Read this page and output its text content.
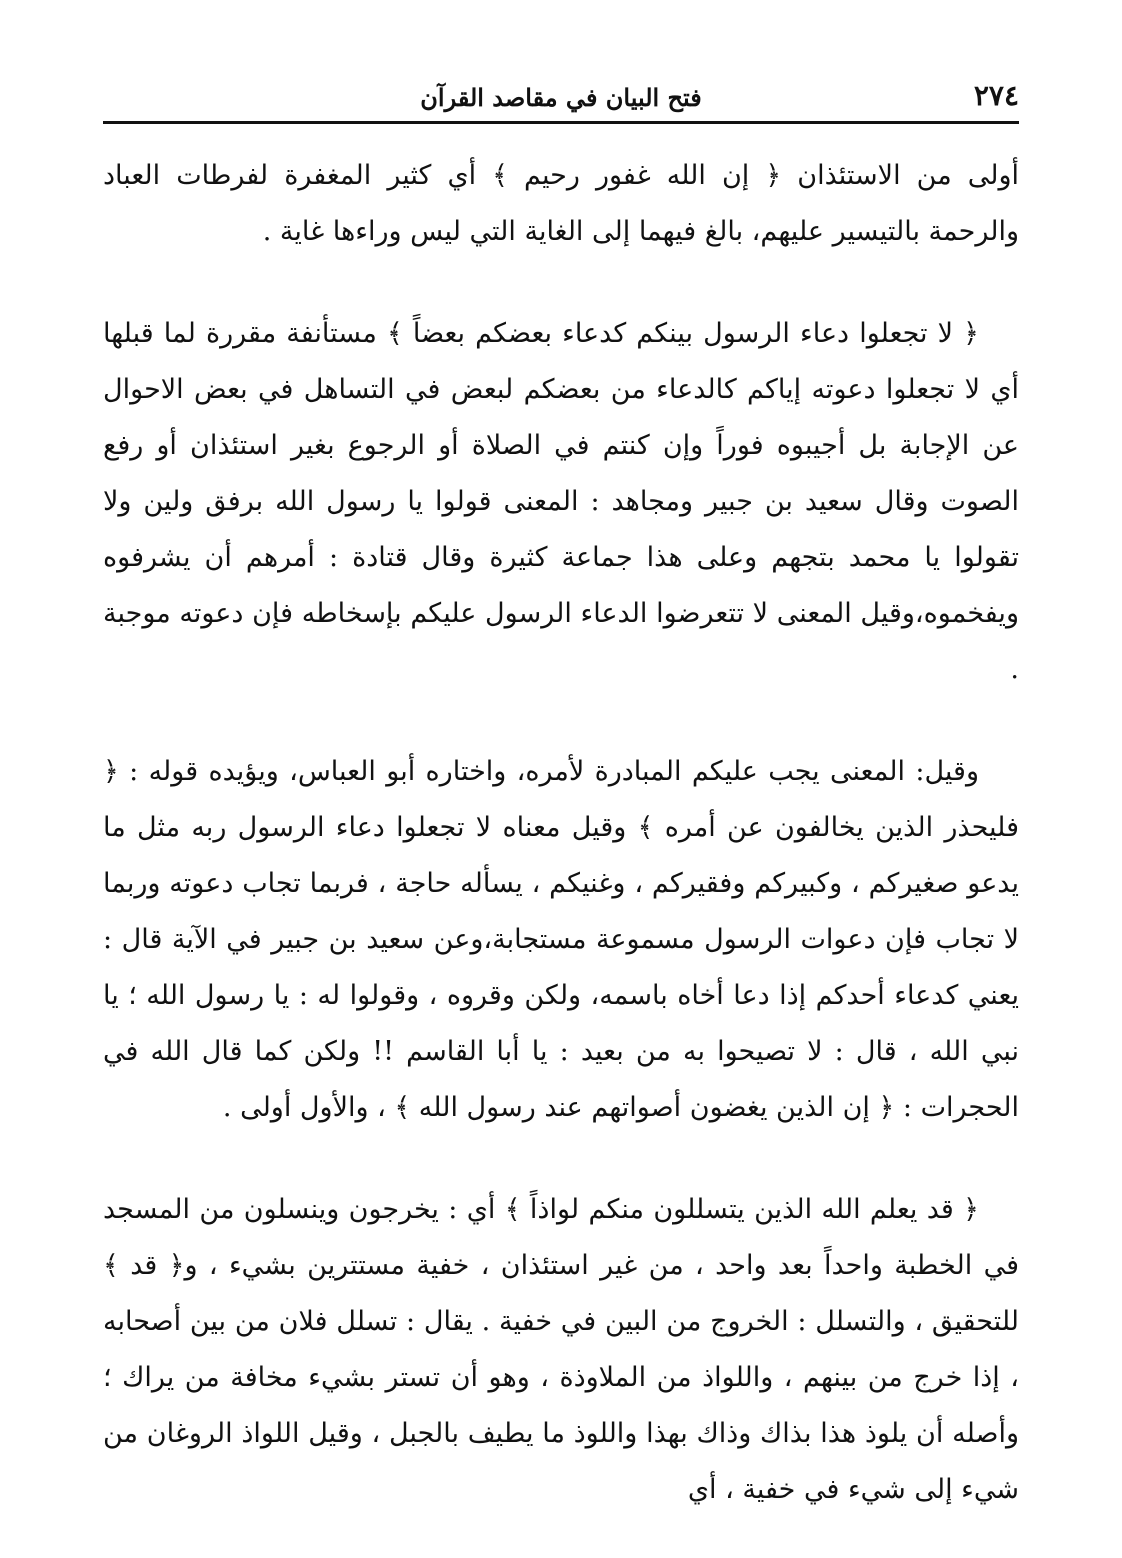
٢٧٤
فتح البيان في مقاصد القرآن

أولى من الاستئذان ﴿ إن الله غفور رحيم ﴾ أي كثير المغفرة لفرطات العباد والرحمة بالتيسير عليهم، بالغ فيهما إلى الغاية التي ليس وراءها غاية .

﴿ لا تجعلوا دعاء الرسول بينكم كدعاء بعضكم بعضاً ﴾ مستأنفة مقررة لما قبلها أي لا تجعلوا دعوته إياكم كالدعاء من بعضكم لبعض في التساهل في بعض الاحوال عن الإجابة بل أجيبوه فوراً وإن كنتم في الصلاة أو الرجوع بغير استئذان أو رفع الصوت وقال سعيد بن جبير ومجاهد : المعنى قولوا يا رسول الله برفق ولين ولا تقولوا يا محمد بتجهم وعلى هذا جماعة كثيرة وقال قتادة : أمرهم أن يشرفوه ويفخموه،وقيل المعنى لا تتعرضوا الدعاء الرسول عليكم بإسخاطه فإن دعوته موجبة .

وقيل: المعنى يجب عليكم المبادرة لأمره، واختاره أبو العباس، ويؤيده قوله : ﴿ فليحذر الذين يخالفون عن أمره ﴾ وقيل معناه لا تجعلوا دعاء الرسول ربه مثل ما يدعو صغيركم ، وكبيركم وفقيركم ، وغنيكم ، يسأله حاجة ، فربما تجاب دعوته وربما لا تجاب فإن دعوات الرسول مسموعة مستجابة،وعن سعيد بن جبير في الآية قال : يعني كدعاء أحدكم إذا دعا أخاه باسمه، ولكن وقروه ، وقولوا له : يا رسول الله ؛ يا نبي الله ، قال : لا تصيحوا به من بعيد : يا أبا القاسم !! ولكن كما قال الله في الحجرات : ﴿ إن الذين يغضون أصواتهم عند رسول الله ﴾ ، والأول أولى .

﴿ قد يعلم الله الذين يتسللون منكم لواذاً ﴾ أي : يخرجون وينسلون من المسجد في الخطبة واحداً بعد واحد ، من غير استئذان ، خفية مستترين بشيء ، و﴿ قد ﴾ للتحقيق ، والتسلل : الخروج من البين في خفية . يقال : تسلل فلان من بين أصحابه ، إذا خرج من بينهم ، واللواذ من الملاوذة ، وهو أن تستر بشيء مخافة من يراك ؛ وأصله أن يلوذ هذا بذاك وذاك بهذا واللوذ ما يطيف بالجبل ، وقيل اللواذ الروغان من شيء إلى شيء في خفية ، أي
